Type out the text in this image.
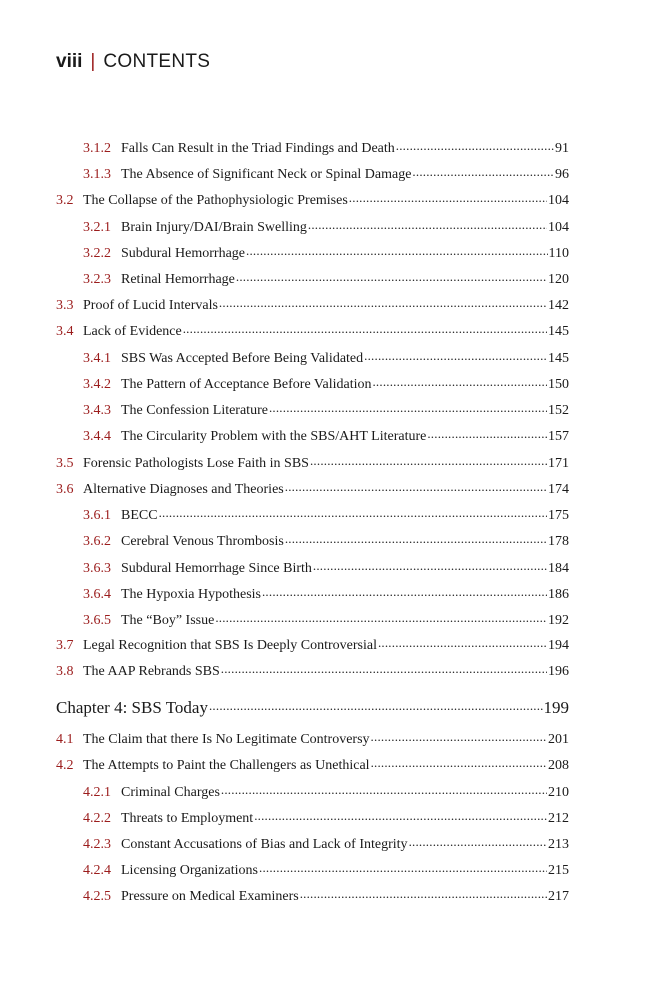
viii | CONTENTS
3.1.2 Falls Can Result in the Triad Findings and Death .....	91
3.1.3 The Absence of Significant Neck or Spinal Damage .....	96
3.2 The Collapse of the Pathophysiologic Premises .....	104
3.2.1 Brain Injury/DAI/Brain Swelling .....	104
3.2.2 Subdural Hemorrhage .....	110
3.2.3 Retinal Hemorrhage .....	120
3.3 Proof of Lucid Intervals .....	142
3.4 Lack of Evidence .....	145
3.4.1 SBS Was Accepted Before Being Validated .....	145
3.4.2 The Pattern of Acceptance Before Validation .....	150
3.4.3 The Confession Literature .....	152
3.4.4 The Circularity Problem with the SBS/AHT Literature .....	157
3.5 Forensic Pathologists Lose Faith in SBS .....	171
3.6 Alternative Diagnoses and Theories .....	174
3.6.1 BECC .....	175
3.6.2 Cerebral Venous Thrombosis .....	178
3.6.3 Subdural Hemorrhage Since Birth .....	184
3.6.4 The Hypoxia Hypothesis .....	186
3.6.5 The “Boy” Issue .....	192
3.7 Legal Recognition that SBS Is Deeply Controversial .....	194
3.8 The AAP Rebrands SBS .....	196
Chapter 4: SBS Today .....	199
4.1 The Claim that there Is No Legitimate Controversy .....	201
4.2 The Attempts to Paint the Challengers as Unethical .....	208
4.2.1 Criminal Charges .....	210
4.2.2 Threats to Employment .....	212
4.2.3 Constant Accusations of Bias and Lack of Integrity .....	213
4.2.4 Licensing Organizations .....	215
4.2.5 Pressure on Medical Examiners .....	217
